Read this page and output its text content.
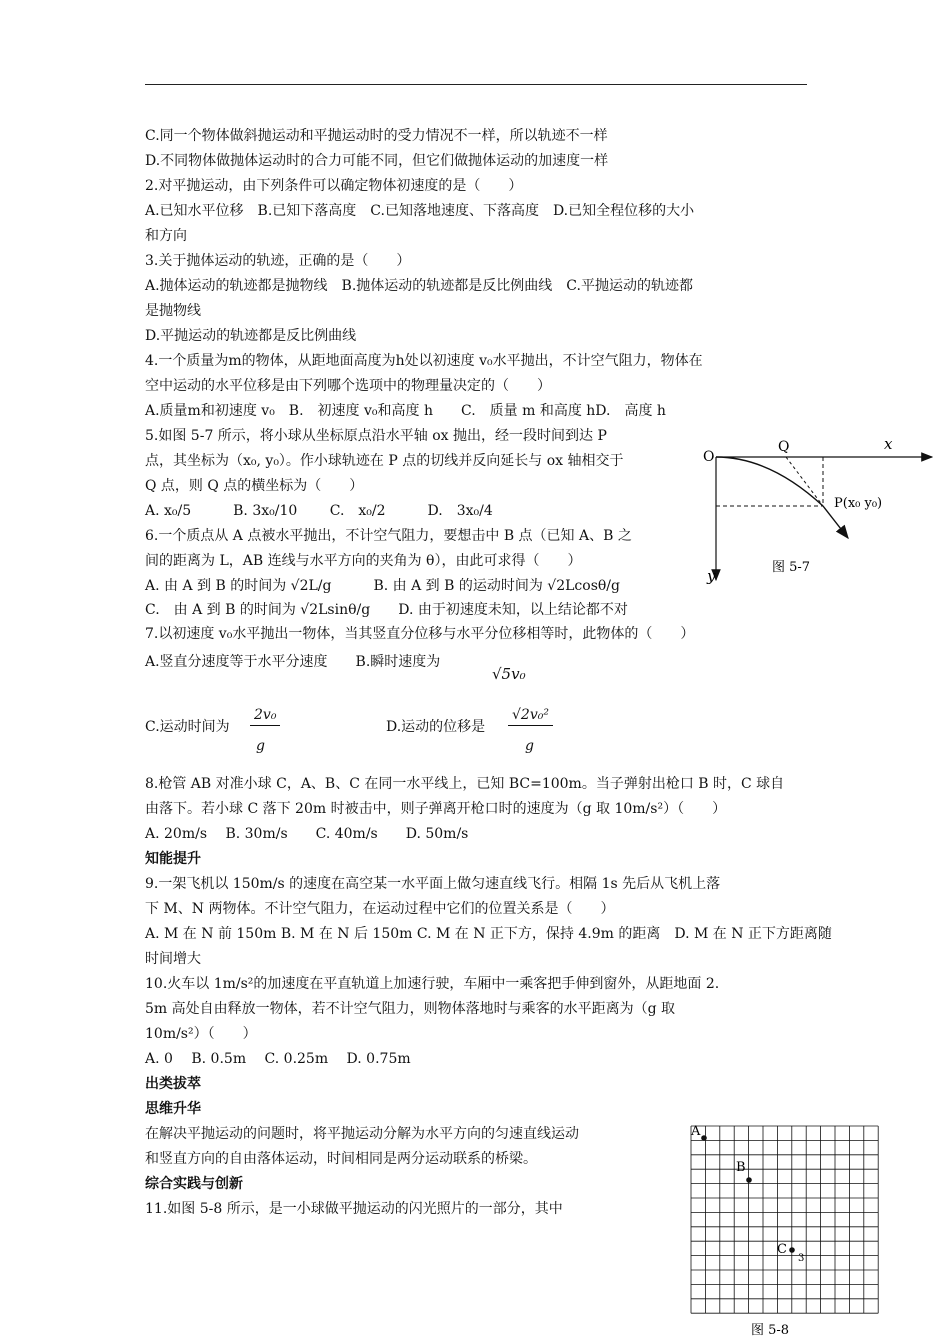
C.同一个物体做斜抛运动和平抛运动时的受力情况不一样，所以轨迹不一样
D.不同物体做抛体运动时的合力可能不同，但它们做抛体运动的加速度一样
2.对平抛运动，由下列条件可以确定物体初速度的是（　　）
A.已知水平位移　B.已知下落高度　C.已知落地速度、下落高度　D.已知全程位移的大小
和方向
3.关于抛体运动的轨迹，正确的是（　　）
A.抛体运动的轨迹都是抛物线　B.抛体运动的轨迹都是反比例曲线　C.平抛运动的轨迹都
是抛物线
D.平抛运动的轨迹都是反比例曲线
4.一个质量为m的物体，从距地面高度为h处以初速度 v₀水平抛出，不计空气阻力，物体在
空中运动的水平位移是由下列哪个选项中的物理量决定的（　　）
A.质量m和初速度 v₀　B.　初速度 v₀和高度 h　　C.　质量 m 和高度 hD.　高度 h
5.如图 5-7 所示，将小球从坐标原点沿水平轴 ox 抛出，经一段时间到达 P
点，其坐标为（x₀, y₀）。作小球轨迹在 P 点的切线并反向延长与 ox 轴相交于
Q 点，则 Q 点的横坐标为（　　）
A. x₀/5　　　B. 3x₀/10　　 C.　x₀/2　　　D.　3x₀/4
6.一个质点从 A 点被水平抛出，不计空气阻力，要想击中 B 点（已知 A、B 之
间的距离为 L，AB 连线与水平方向的夹角为 θ），由此可求得（　　）
A. 由 A 到 B 的时间为 √2L/g　　　B. 由 A 到 B 的运动时间为 √2Lcosθ/g
C.　由 A 到 B 的时间为 √2Lsinθ/g　　D. 由于初速度未知，以上结论都不对
7.以初速度 v₀水平抛出一物体，当其竖直分位移与水平分位移相等时，此物体的（　　）
A.竖直分速度等于水平分速度　　B.瞬时速度为
√5v₀
C.运动时间为
2v₀
g
D.运动的位移是
√2v₀²
g
8.枪管 AB 对准小球 C，A、B、C 在同一水平线上，已知 BC=100m。当子弹射出枪口 B 时，C 球自
由落下。若小球 C 落下 20m 时被击中，则子弹离开枪口时的速度为（g 取 10m/s²）（　　）
A. 20m/s　 B. 30m/s　　C. 40m/s　　D. 50m/s
知能提升
9.一架飞机以 150m/s 的速度在高空某一水平面上做匀速直线飞行。相隔 1s 先后从飞机上落
下 M、N 两物体。不计空气阻力，在运动过程中它们的位置关系是（　　）
A. M 在 N 前 150m B. M 在 N 后 150m C. M 在 N 正下方，保持 4.9m 的距离　D. M 在 N 正下方距离随
时间增大
10.火车以 1m/s²的加速度在平直轨道上加速行驶，车厢中一乘客把手伸到窗外，从距地面 2.
5m 高处自由释放一物体，若不计空气阻力，则物体落地时与乘客的水平距离为（g 取
10m/s²）（　　）
A. 0　 B. 0.5m　 C. 0.25m　 D. 0.75m
出类拔萃
思维升华
在解决平抛运动的问题时，将平抛运动分解为水平方向的匀速直线运动
和竖直方向的自由落体运动，时间相同是两分运动联系的桥梁。
综合实践与创新
11.如图 5-8 所示，是一小球做平抛运动的闪光照片的一部分，其中
O
Q	x
y
P(x₀ y₀)
图 5-7
A
B
C
3
图 5-8
